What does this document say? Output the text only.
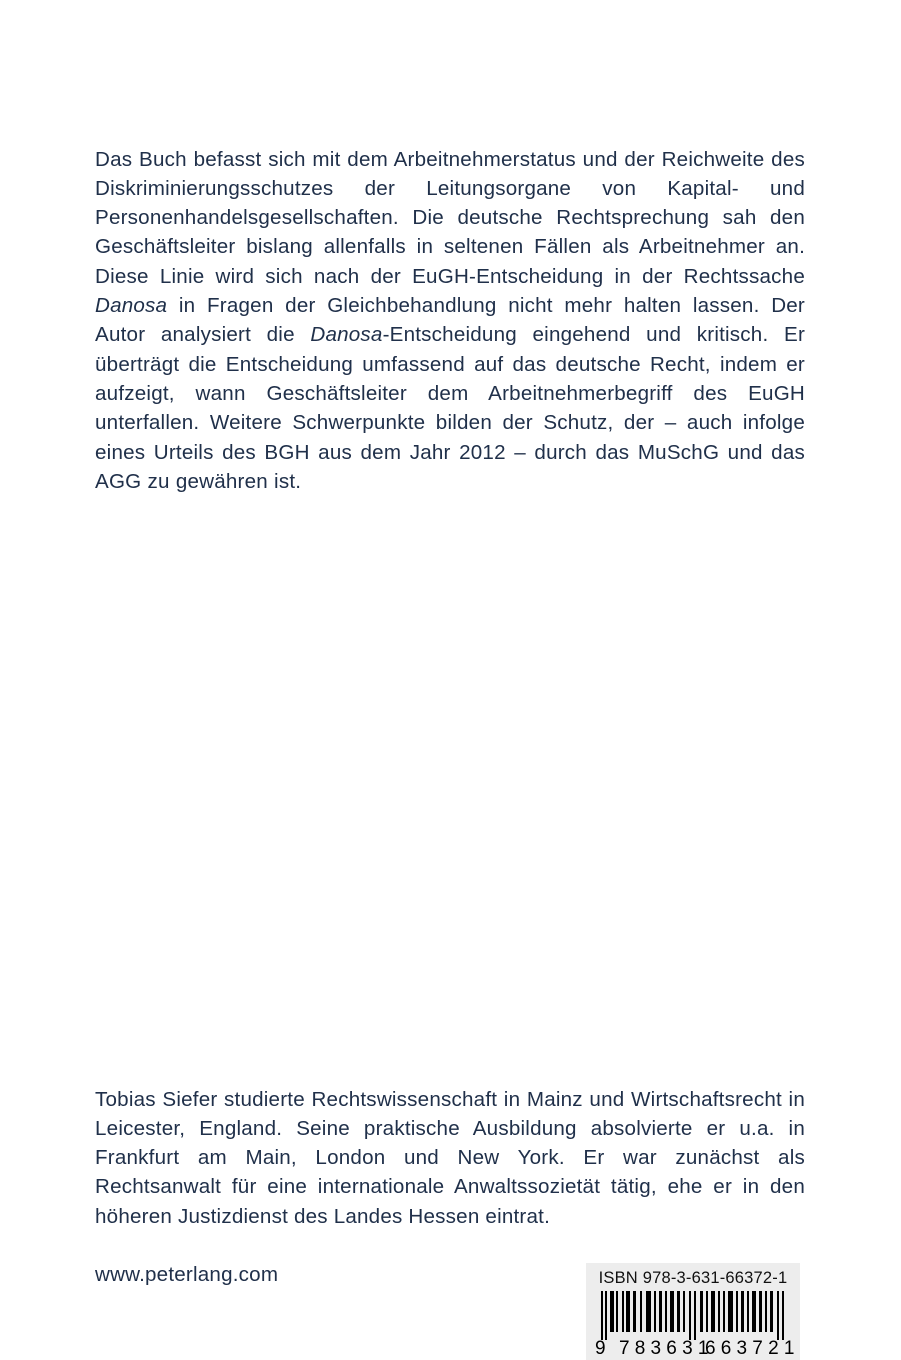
Das Buch befasst sich mit dem Arbeitnehmerstatus und der Reichweite des Diskriminierungsschutzes der Leitungsorgane von Kapital- und Personenhandelsgesellschaften. Die deutsche Rechtsprechung sah den Geschäftsleiter bislang allenfalls in seltenen Fällen als Arbeitnehmer an. Diese Linie wird sich nach der EuGH-Entscheidung in der Rechtssache Danosa in Fragen der Gleichbehandlung nicht mehr halten lassen. Der Autor analysiert die Danosa-Entscheidung eingehend und kritisch. Er überträgt die Entscheidung umfassend auf das deutsche Recht, indem er aufzeigt, wann Geschäftsleiter dem Arbeitnehmerbegriff des EuGH unterfallen. Weitere Schwerpunkte bilden der Schutz, der – auch infolge eines Urteils des BGH aus dem Jahr 2012 – durch das MuSchG und das AGG zu gewähren ist.

Tobias Siefer studierte Rechtswissenschaft in Mainz und Wirtschaftsrecht in Leicester, England. Seine praktische Ausbildung absolvierte er u.a. in Frankfurt am Main, London und New York. Er war zunächst als Rechtsanwalt für eine internationale Anwaltssozietät tätig, ehe er in den höheren Justizdienst des Landes Hessen eintrat.

www.peterlang.com	ISBN 978-3-631-66372-1
9 783631
663721
